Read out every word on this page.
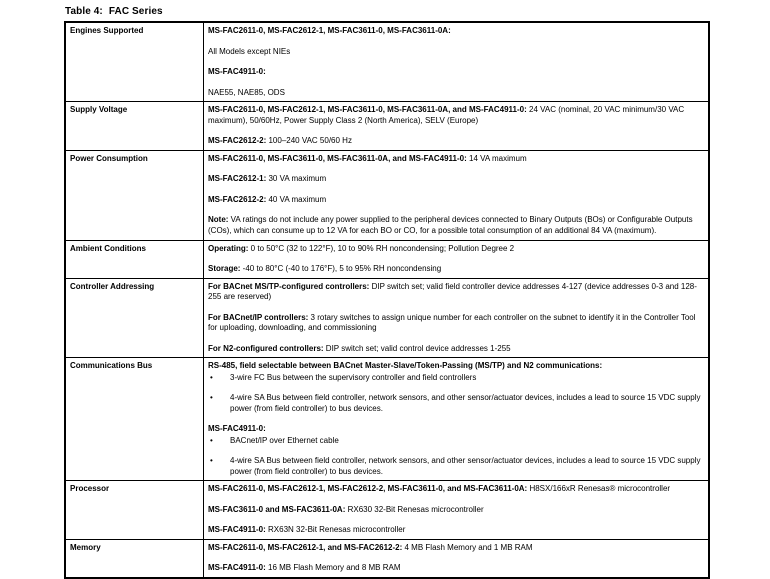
Table 4: FAC Series
Engines Supported	MS-FAC2611-0, MS-FAC2612-1, MS-FAC3611-0, MS-FAC3611-0A:
All Models except NIEs
MS-FAC4911-0:
NAE55, NAE85, ODS
Supply Voltage	MS-FAC2611-0, MS-FAC2612-1, MS-FAC3611-0, MS-FAC3611-0A, and MS-FAC4911-0: 24 VAC (nominal, 20 VAC minimum/30 VAC maximum), 50/60Hz, Power Supply Class 2 (North America), SELV (Europe)
MS-FAC2612-2: 100–240 VAC 50/60 Hz
Power Consumption	MS-FAC2611-0, MS-FAC3611-0, MS-FAC3611-0A, and MS-FAC4911-0: 14 VA maximum
MS-FAC2612-1: 30 VA maximum
MS-FAC2612-2: 40 VA maximum
Note: VA ratings do not include any power supplied to the peripheral devices connected to Binary Outputs (BOs) or Configurable Outputs (COs), which can consume up to 12 VA for each BO or CO, for a possible total consumption of an additional 84 VA (maximum).
Ambient Conditions	Operating: 0 to 50°C (32 to 122°F), 10 to 90% RH noncondensing; Pollution Degree 2
Storage: -40 to 80°C (-40 to 176°F), 5 to 95% RH noncondensing
Controller Addressing	For BACnet MS/TP-configured controllers: DIP switch set; valid field controller device addresses 4-127 (device addresses 0-3 and 128-255 are reserved)
For BACnet/IP controllers: 3 rotary switches to assign unique number for each controller on the subnet to identify it in the Controller Tool for uploading, downloading, and commissioning
For N2-configured controllers: DIP switch set; valid control device addresses 1-255
Communications Bus	RS-485, field selectable between BACnet Master-Slave/Token-Passing (MS/TP) and N2 communications:
•	3-wire FC Bus between the supervisory controller and field controllers
•	4-wire SA Bus between field controller, network sensors, and other sensor/actuator devices, includes a lead to source 15 VDC supply power (from field controller) to bus devices.
MS-FAC4911-0:
•	BACnet/IP over Ethernet cable
•	4-wire SA Bus between field controller, network sensors, and other sensor/actuator devices, includes a lead to source 15 VDC supply power (from field controller) to bus devices.
Processor	MS-FAC2611-0, MS-FAC2612-1, MS-FAC2612-2, MS-FAC3611-0, and MS-FAC3611-0A: H8SX/166xR Renesas® microcontroller
MS-FAC3611-0 and MS-FAC3611-0A: RX630 32-Bit Renesas microcontroller
MS-FAC4911-0: RX63N 32-Bit Renesas microcontroller
Memory	MS-FAC2611-0, MS-FAC2612-1, and MS-FAC2612-2: 4 MB Flash Memory and 1 MB RAM
MS-FAC4911-0: 16 MB Flash Memory and 8 MB RAM
